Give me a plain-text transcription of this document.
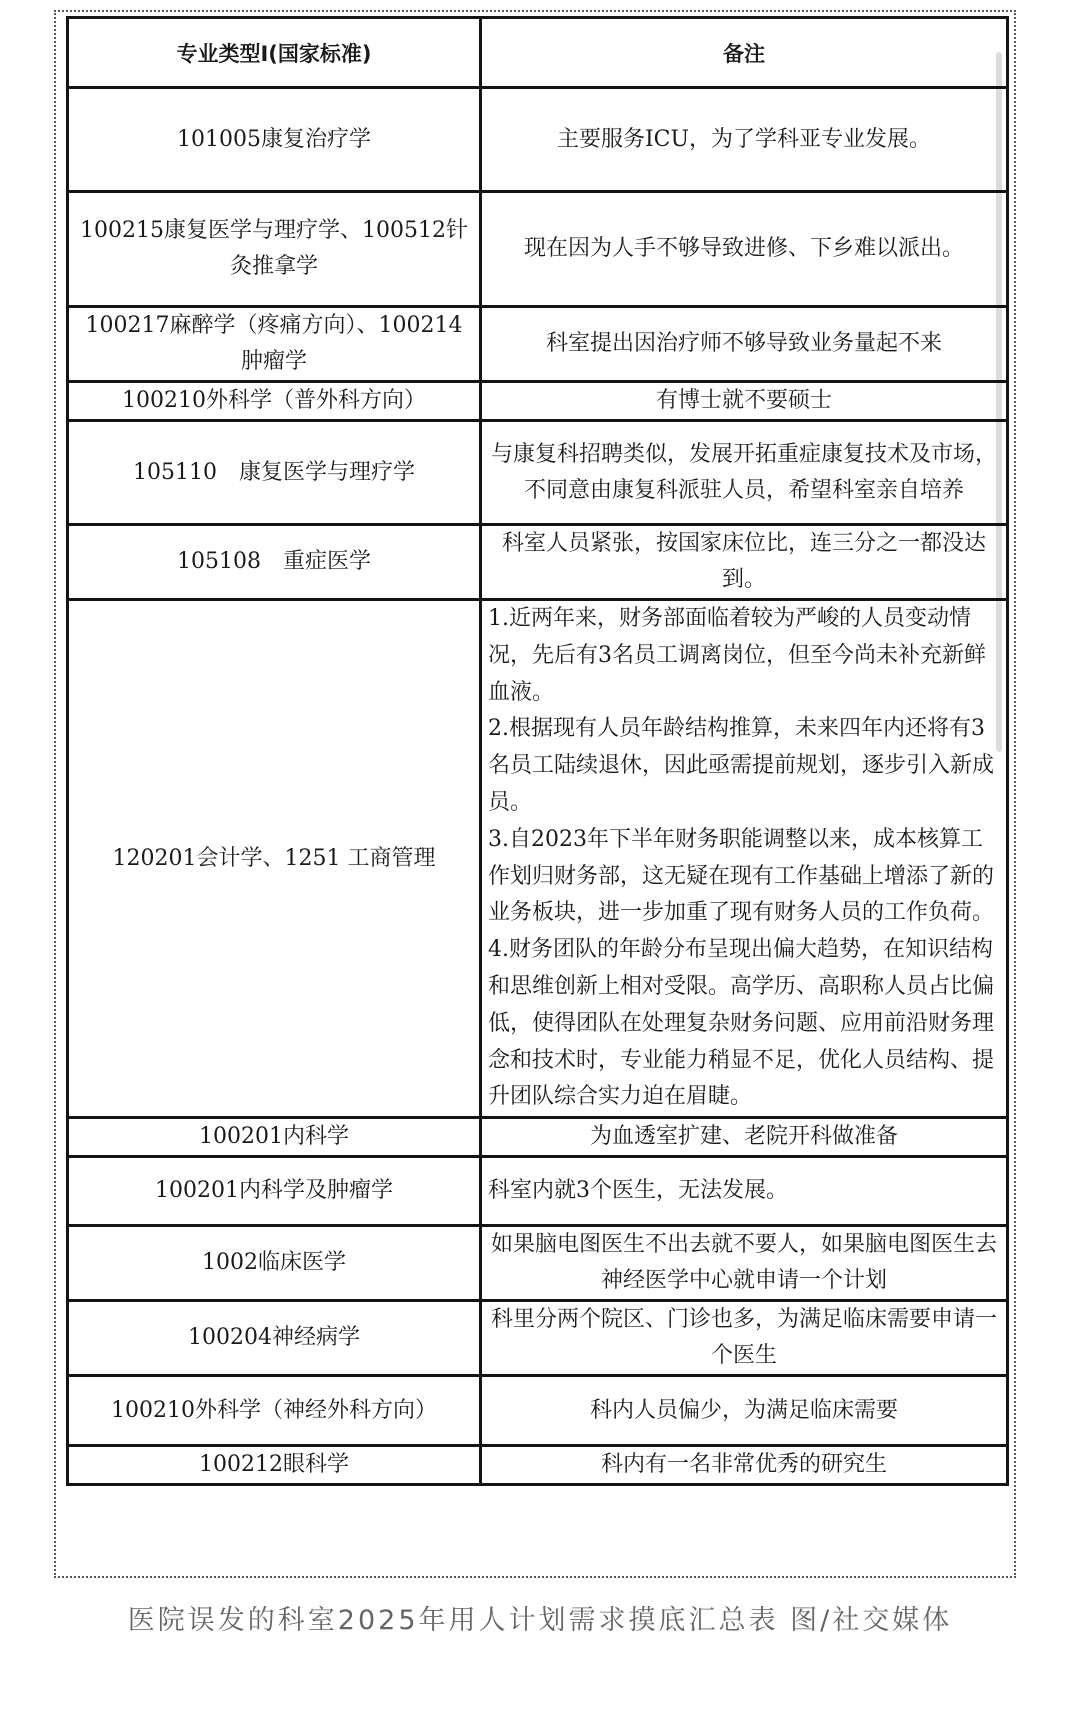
专业类型I(国家标准)	备注
101005康复治疗学	主要服务ICU，为了学科亚专业发展。
100215康复医学与理疗学、100512针灸推拿学	现在因为人手不够导致进修、下乡难以派出。
100217麻醉学（疼痛方向）、100214肿瘤学	科室提出因治疗师不够导致业务量起不来
100210外科学（普外科方向）	有博士就不要硕士
105110　康复医学与理疗学	与康复科招聘类似，发展开拓重症康复技术及市场，不同意由康复科派驻人员，希望科室亲自培养
105108　重症医学	科室人员紧张，按国家床位比，连三分之一都没达到。
120201会计学、1251 工商管理	1.近两年来，财务部面临着较为严峻的人员变动情况，先后有3名员工调离岗位，但至今尚未补充新鲜血液。

2.根据现有人员年龄结构推算，未来四年内还将有3名员工陆续退休，因此亟需提前规划，逐步引入新成员。

3.自2023年下半年财务职能调整以来，成本核算工作划归财务部，这无疑在现有工作基础上增添了新的业务板块，进一步加重了现有财务人员的工作负荷。

4.财务团队的年龄分布呈现出偏大趋势，在知识结构和思维创新上相对受限。高学历、高职称人员占比偏低，使得团队在处理复杂财务问题、应用前沿财务理念和技术时，专业能力稍显不足，优化人员结构、提升团队综合实力迫在眉睫。

100201内科学	为血透室扩建、老院开科做准备
100201内科学及肿瘤学	科室内就3个医生，无法发展。
1002临床医学	如果脑电图医生不出去就不要人，如果脑电图医生去神经医学中心就申请一个计划
100204神经病学	科里分两个院区、门诊也多，为满足临床需要申请一个医生
100210外科学（神经外科方向）	科内人员偏少，为满足临床需要
100212眼科学	科内有一名非常优秀的研究生
医院误发的科室2025年用人计划需求摸底汇总表 图/社交媒体
